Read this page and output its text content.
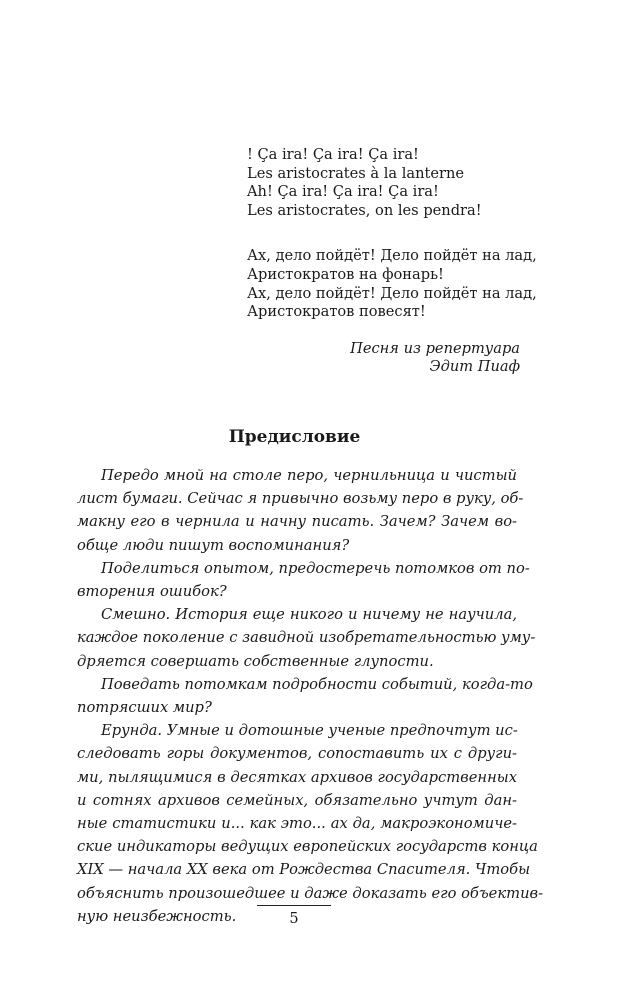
! Ça ira! Ça ira! Ça ira!
Les aristocrates à la lanterne
Ah! Ça ira! Ça ira! Ça ira!
Les aristocrates, on les pendra!
Ах, дело пойдёт! Дело пойдёт на лад,
Аристократов на фонарь!
Ах, дело пойдёт! Дело пойдёт на лад,
Аристократов повесят!
Песня из репертуара
Эдит Пиаф
Предисловие
Передо мной на столе перо, чернильница и чистый
лист бумаги. Сейчас я привычно возьму перо в руку, об-
макну его в чернила и начну писать. Зачем? Зачем во-
обще люди пишут воспоминания?
Поделиться опытом, предостеречь потомков от по-
вторения ошибок?
Смешно. История еще никого и ничему не научила,
каждое поколение с завидной изобретательностью уму-
дряется совершать собственные глупости.
Поведать потомкам подробности событий, когда-то
потрясших мир?
Ерунда. Умные и дотошные ученые предпочтут ис-
следовать горы документов, сопоставить их с други-
ми, пылящимися в десятках архивов государственных
и сотнях архивов семейных, обязательно учтут дан-
ные статистики и... как это... ах да, макроэкономиче-
ские индикаторы ведущих европейских государств конца
XIX — начала XX века от Рождества Спасителя. Чтобы
объяснить произошедшее и даже доказать его объектив-
ную неизбежность.	5
